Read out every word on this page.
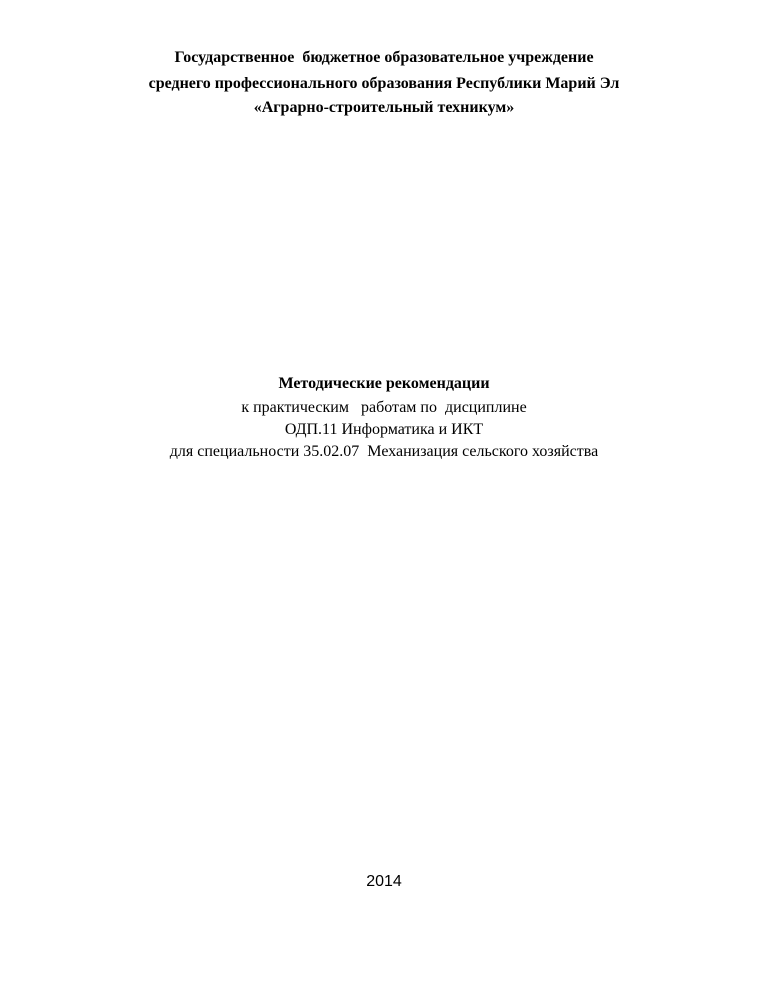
Государственное  бюджетное образовательное учреждение
среднего профессионального образования Республики Марий Эл
«Аграрно-строительный техникум»
Методические рекомендации
к практическим   работам по  дисциплине
ОДП.11 Информатика и ИКТ
для специальности 35.02.07  Механизация сельского хозяйства
2014
